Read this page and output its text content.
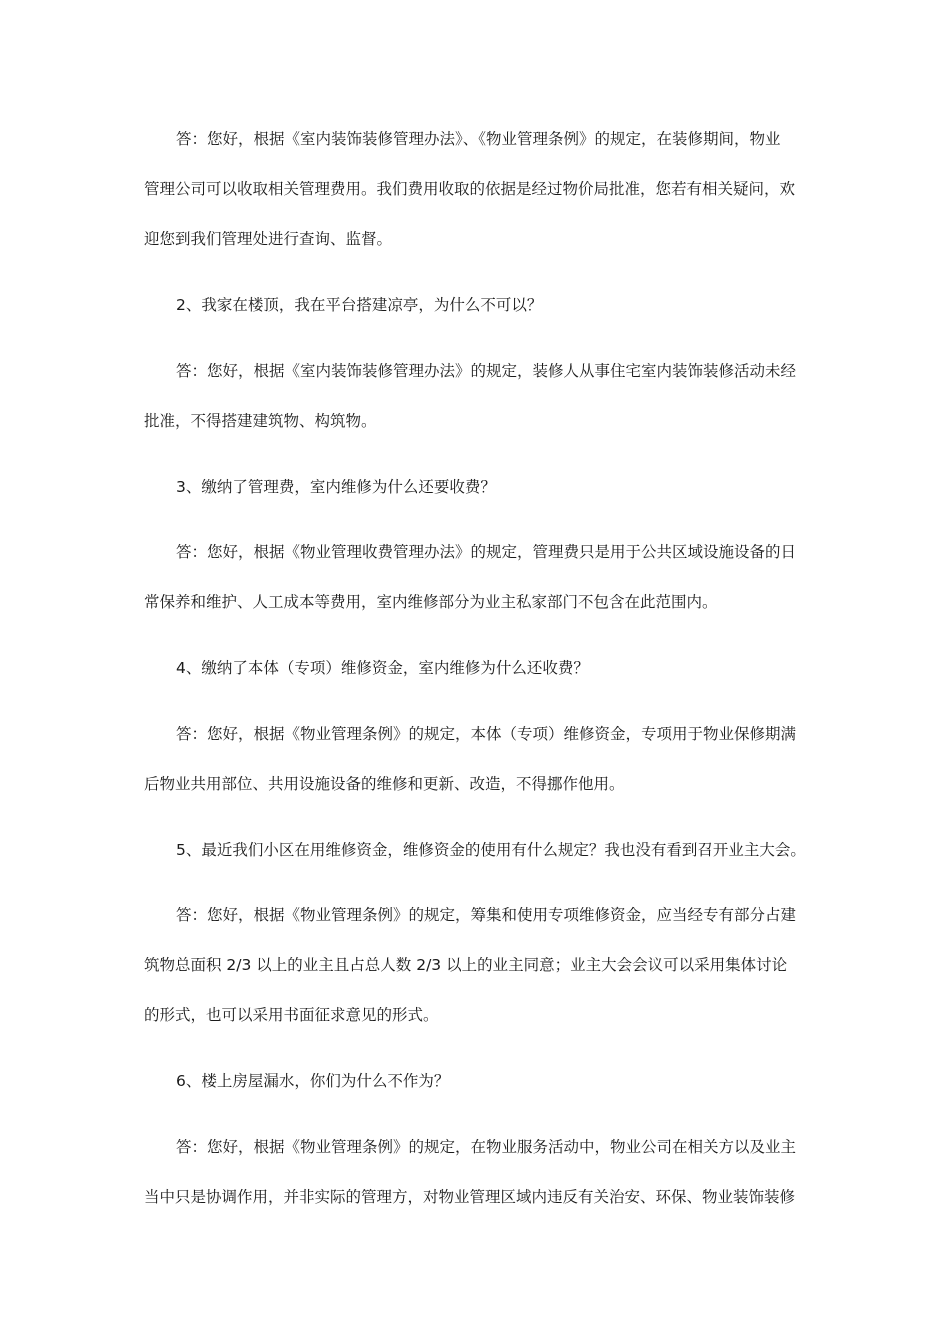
答：您好，根据《室内装饰装修管理办法》、《物业管理条例》的规定，在装修期间，物业
管理公司可以收取相关管理费用。我们费用收取的依据是经过物价局批准，您若有相关疑问，欢
迎您到我们管理处进行查询、监督。
2、我家在楼顶，我在平台搭建凉亭，为什么不可以？
答：您好，根据《室内装饰装修管理办法》的规定，装修人从事住宅室内装饰装修活动未经
批准，不得搭建建筑物、构筑物。
3、缴纳了管理费，室内维修为什么还要收费？
答：您好，根据《物业管理收费管理办法》的规定，管理费只是用于公共区域设施设备的日
常保养和维护、人工成本等费用，室内维修部分为业主私家部门不包含在此范围内。
4、缴纳了本体（专项）维修资金，室内维修为什么还收费？
答：您好，根据《物业管理条例》的规定，本体（专项）维修资金，专项用于物业保修期满
后物业共用部位、共用设施设备的维修和更新、改造，不得挪作他用。
5、最近我们小区在用维修资金，维修资金的使用有什么规定？我也没有看到召开业主大会。
答：您好，根据《物业管理条例》的规定，筹集和使用专项维修资金，应当经专有部分占建
筑物总面积 2/3 以上的业主且占总人数 2/3 以上的业主同意；业主大会会议可以采用集体讨论
的形式，也可以采用书面征求意见的形式。
6、楼上房屋漏水，你们为什么不作为？
答：您好，根据《物业管理条例》的规定，在物业服务活动中，物业公司在相关方以及业主
当中只是协调作用，并非实际的管理方，对物业管理区域内违反有关治安、环保、物业装饰装修
